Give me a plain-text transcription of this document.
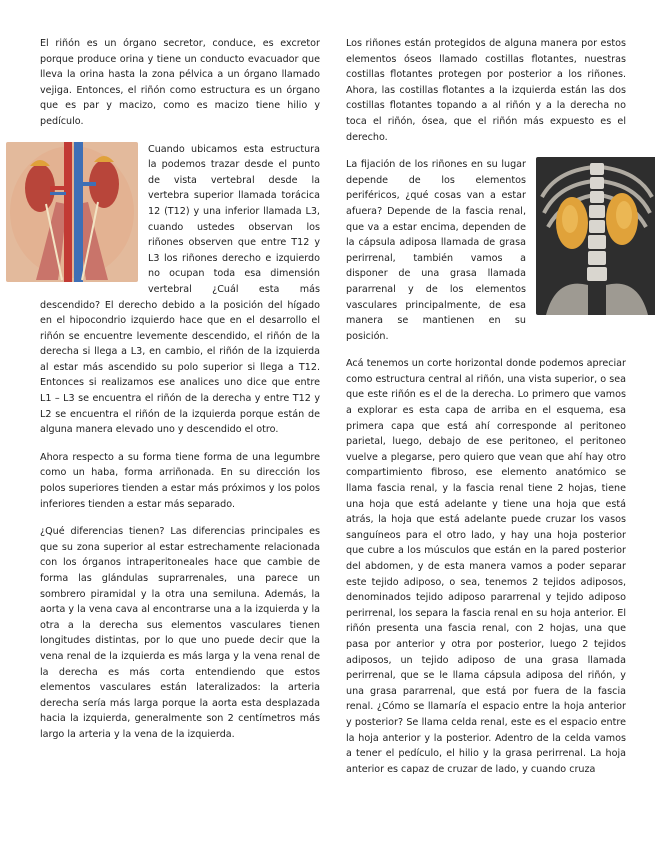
El riñón es un órgano secretor, conduce, es excretor porque produce orina y tiene un conducto evacuador que lleva la orina hasta la zona pélvica a un órgano llamado vejiga. Entonces, el riñón como estructura es un órgano que es par y macizo, como es macizo tiene hilio y pedículo.

Cuando ubicamos esta estructura la podemos trazar desde el punto de vista vertebral desde la vertebra superior llamada torácica 12 (T12) y una inferior llamada L3, cuando ustedes observan los riñones observen que entre T12 y L3 los riñones derecho e izquierdo no ocupan toda esa dimensión vertebral ¿Cuál esta más descendido? El derecho debido a la posición del hígado en el hipocondrio izquierdo hace que en el desarrollo el riñón se encuentre levemente descendido, el riñón de la derecha si llega a L3, en cambio, el riñón de la izquierda al estar más ascendido su polo superior si llega a T12. Entonces si realizamos ese analices uno dice que entre L1 – L3 se encuentra el riñón de la derecha y entre T12 y L2 se encuentra el riñón de la izquierda porque están de alguna manera elevado uno y descendido el otro.

Ahora respecto a su forma tiene forma de una legumbre como un haba, forma arriñonada. En su dirección los polos superiores tienden a estar más próximos y los polos inferiores tienden a estar más separado.

¿Qué diferencias tienen? Las diferencias principales es que su zona superior al estar estrechamente relacionada con los órganos intraperitoneales hace que cambie de forma las glándulas suprarrenales, una parece un sombrero piramidal y la otra una semiluna. Además, la aorta y la vena cava al encontrarse una a la izquierda y la otra a la derecha sus elementos vasculares tienen longitudes distintas, por lo que uno puede decir que la vena renal de la izquierda es más larga y la vena renal de la derecha es más corta entendiendo que estos elementos vasculares están lateralizados: la arteria derecha sería más larga porque la aorta esta desplazada hacia la izquierda, generalmente son 2 centímetros más largo la arteria y la vena de la izquierda.

Los riñones están protegidos de alguna manera por estos elementos óseos llamado costillas flotantes, nuestras costillas flotantes protegen por posterior a los riñones. Ahora, las costillas flotantes a la izquierda están las dos costillas flotantes topando a al riñón y a la derecha no toca el riñón, ósea, que el riñón más expuesto es el derecho.

La fijación de los riñones en su lugar depende de los elementos periféricos, ¿qué cosas van a estar afuera? Depende de la fascia renal, que va a estar encima, dependen de la cápsula adiposa llamada de grasa perirrenal, también vamos a disponer de una grasa llamada pararrenal y de los elementos vasculares principalmente, de esa manera se mantienen en su posición.

Acá tenemos un corte horizontal donde podemos apreciar como estructura central al riñón, una vista superior, o sea que este riñón es el de la derecha. Lo primero que vamos a explorar es esta capa de arriba en el esquema, esa primera capa que está ahí corresponde al peritoneo parietal, luego, debajo de ese peritoneo, el peritoneo vuelve a plegarse, pero quiero que vean que ahí hay otro compartimiento fibroso, ese elemento anatómico se llama fascia renal, y la fascia renal tiene 2 hojas, tiene una hoja que está adelante y tiene una hoja que está atrás, la hoja que está adelante puede cruzar los vasos sanguíneos para el otro lado, y hay una hoja posterior que cubre a los músculos que están en la pared posterior del abdomen, y de esta manera vamos a poder separar este tejido adiposo, o sea, tenemos 2 tejidos adiposos, denominados tejido adiposo pararrenal y tejido adiposo perirrenal, los separa la fascia renal en su hoja anterior. El riñón presenta una fascia renal, con 2 hojas, una que pasa por anterior y otra por posterior, luego 2 tejidos adiposos, un tejido adiposo de una grasa llamada perirrenal, que se le llama cápsula adiposa del riñón, y una grasa pararrenal, que está por fuera de la fascia renal. ¿Cómo se llamaría el espacio entre la hoja anterior y posterior? Se llama celda renal, este es el espacio entre la hoja anterior y la posterior. Adentro de la celda vamos a tener el pedículo, el hilio y la grasa perirrenal. La hoja anterior es capaz de cruzar de lado, y cuando cruza
